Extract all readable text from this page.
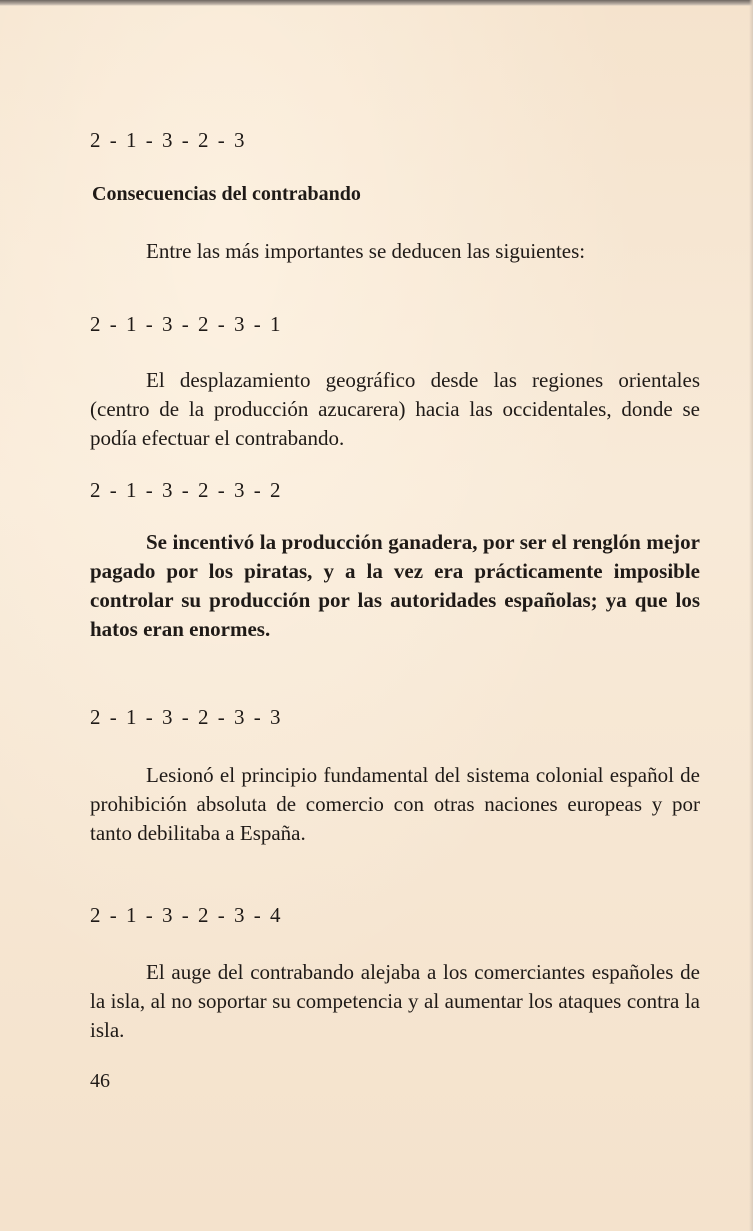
2 - 1 - 3 - 2 - 3

Consecuencias del contrabando

Entre las más importantes se deducen las siguientes:

2 - 1 - 3 - 2 - 3 - 1

El desplazamiento geográfico desde las regiones orientales (centro de la producción azucarera) hacia las occidentales, donde se podía efectuar el contrabando.

2 - 1 - 3 - 2 - 3 - 2

Se incentivó la producción ganadera, por ser el renglón mejor pagado por los piratas, y a la vez era prácticamente imposible controlar su producción por las autoridades españolas; ya que los hatos eran enormes.

2 - 1 - 3 - 2 - 3 - 3

Lesionó el principio fundamental del sistema colonial español de prohibición absoluta de comercio con otras naciones europeas y por tanto debilitaba a España.

2 - 1 - 3 - 2 - 3 - 4

El auge del contrabando alejaba a los comerciantes españoles de la isla, al no soportar su competencia y al aumentar los ataques contra la isla.

46
